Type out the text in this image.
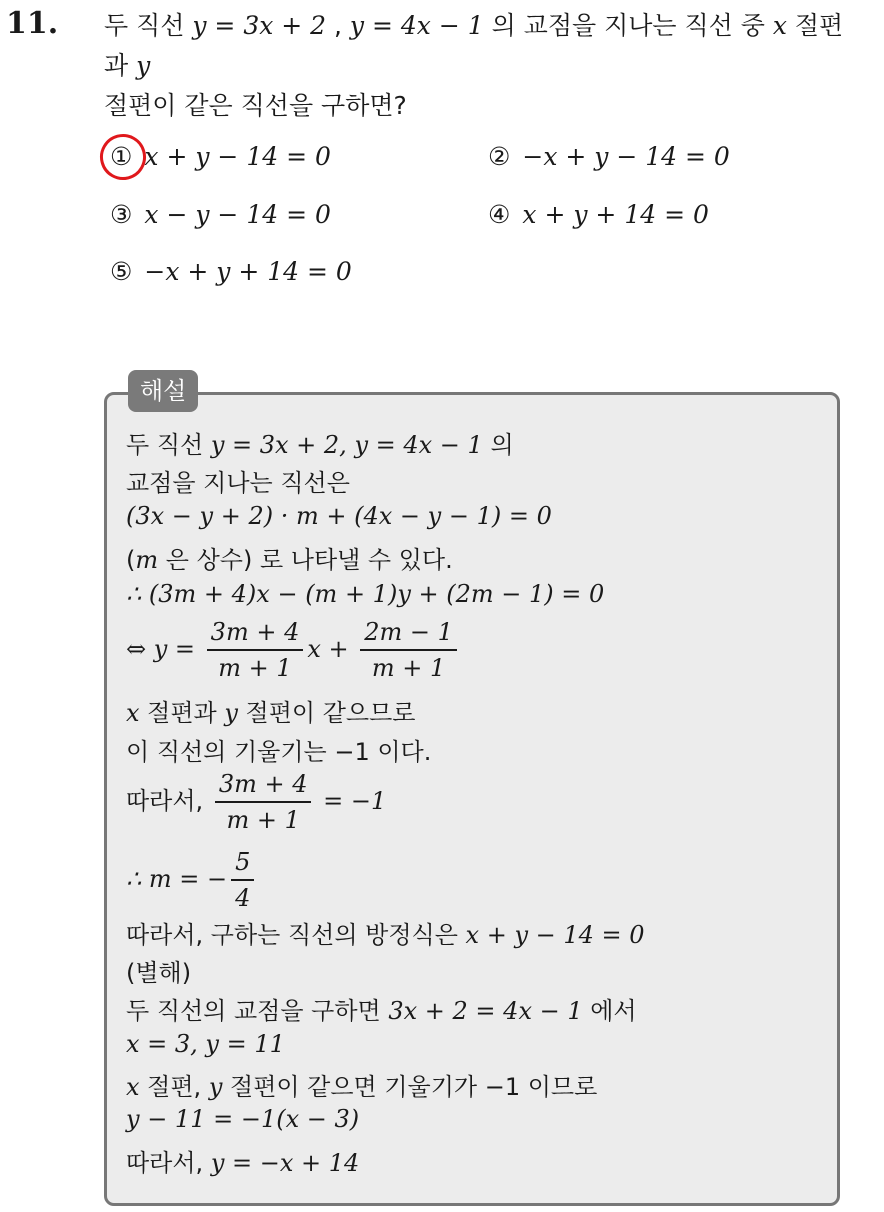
11. 두 직선 y = 3x + 2 , y = 4x − 1 의 교점을 지나는 직선 중 x 절편과 y
절편이 같은 직선을 구하면?
① x + y − 14 = 0	② −x + y − 14 = 0
③ x − y − 14 = 0	④ x + y + 14 = 0
⑤ −x + y + 14 = 0
해설
두 직선 y = 3x + 2, y = 4x − 1 의
교점을 지나는 직선은
(3x − y + 2) · m + (4x − y − 1) = 0
(m 은 상수) 로 나타낼 수 있다.
∴ (3m + 4)x − (m + 1)y + (2m − 1) = 0
⇔ $y = \frac{3m + 4}{m + 1}$ $x + \frac{2m - 1}{m + 1}$
x 절편과 y 절편이 같으므로
이 직선의 기울기는 −1 이다.
따라서, $\frac{3m + 4}{m + 1} = -1$
∴ m = − $\frac{5}{4}$
따라서, 구하는 직선의 방정식은 x + y − 14 = 0
(별해)
두 직선의 교점을 구하면 3x + 2 = 4x − 1 에서
x = 3, y = 11
x 절편, y 절편이 같으면 기울기가 −1 이므로
y − 11 = −1(x − 3)
따라서, y = −x + 14
